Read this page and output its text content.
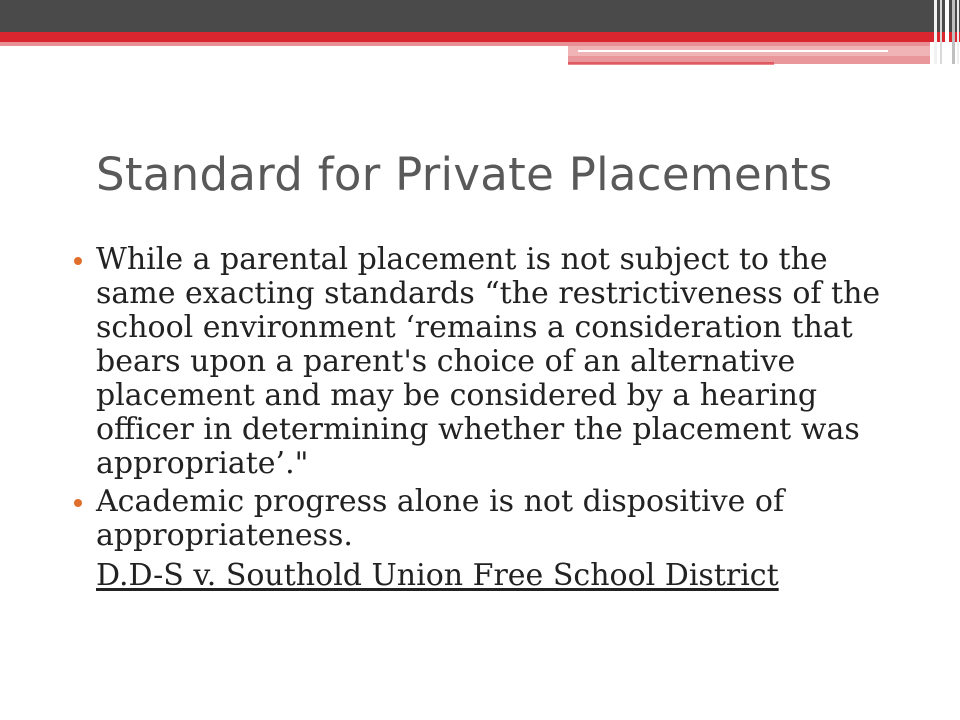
Standard for Private Placements
While a parental placement is not subject to the same exacting standards “the restrictiveness of the school environment ‘remains a consideration that bears upon a parent's choice of an alternative placement and may be considered by a hearing officer in determining whether the placement was appropriate’."
Academic progress alone is not dispositive of appropriateness.
D.D-S v. Southold Union Free School District
